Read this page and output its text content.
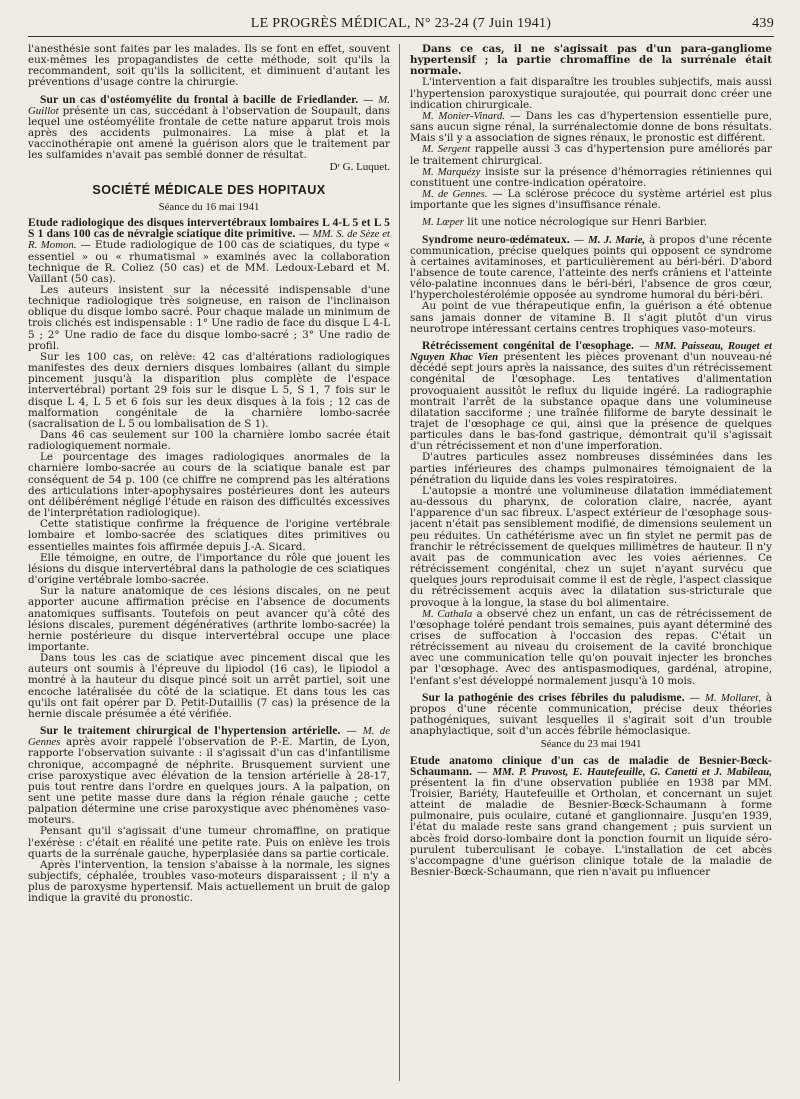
LE PROGRÈS MÉDICAL, N° 23-24 (7 Juin 1941)	439

l'anesthésie sont faites par les malades. Ils se font en effet, souvent eux-mêmes les propagandistes de cette méthode, soit qu'ils la recommandent, soit qu'ils la sollicitent, et diminuent d'autant les préventions d'usage contre la chirurgie.

Sur un cas d'ostéomyélite du frontal à bacille de Friedlander. — M. Guillot présente un cas, succédant à l'observation de Soupault, dans lequel une ostéomyélite frontale de cette nature apparut trois mois après des accidents pulmonaires. La mise à plat et la vaccinothérapie ont amené la guérison alors que le traitement par les sulfamides n'avait pas semblé donner de résultat.

Dʳ G. Luquet.

SOCIÉTÉ MÉDICALE DES HOPITAUX
Séance du 16 mai 1941

Etude radiologique des disques intervertébraux lombaires L 4-L 5 et L 5 S 1 dans 100 cas de névralgie sciatique dite primitive. — MM. S. de Sèze et R. Momon. — Etude radiologique de 100 cas de sciatiques, du type « essentiel » ou « rhumatismal » examinés avec la collaboration technique de R. Coliez (50 cas) et de MM. Ledoux-Lebard et M. Vaillant (50 cas).

Les auteurs insistent sur la nécessité indispensable d'une technique radiologique très soigneuse, en raison de l'inclinaison oblique du disque lombo sacré. Pour chaque malade un minimum de trois clichés est indispensable : 1° Une radio de face du disque L 4-L 5 ; 2° Une radio de face du disque lombo-sacré ; 3° Une radio de profil.

Sur les 100 cas, on relève: 42 cas d'altérations radiologiques manifestes des deux derniers disques lombaires (allant du simple pincement jusqu'à la disparition plus complète de l'espace intervertébral) portant 29 fois sur le disque L 5, S 1, 7 fois sur le disque L 4, L 5 et 6 fois sur les deux disques à la fois ; 12 cas de malformation congénitale de la charnière lombo-sacrée (sacralisation de L 5 ou lombalisation de S 1).

Dans 46 cas seulement sur 100 la charnière lombo sacrée était radiologiquement normale.

Le pourcentage des images radiologiques anormales de la charnière lombo-sacrée au cours de la sciatique banale est par conséquent de 54 p. 100 (ce chiffre ne comprend pas les altérations des articulations inter-apophysaires postérieures dont les auteurs ont délibérément négligé l'étude en raison des difficultés excessives de l'interprétation radiologique).

Cette statistique confirme la fréquence de l'origine vertébrale lombaire et lombo-sacrée des sciatiques dites primitives ou essentielles maintes fois affirmée depuis J.-A. Sicard.

Elle témoigne, en outre, de l'importance du rôle que jouent les lésions du disque intervertébral dans la pathologie de ces sciatiques d'origine vertébrale lombo-sacrée.

Sur la nature anatomique de ces lésions discales, on ne peut apporter aucune affirmation précise en l'absence de documents anatomiques suffisants. Toutefois on peut avancer qu'à côté des lésions discales, purement dégénératives (arthrite lombo-sacrée) la hernie postérieure du disque intervertébral occupe une place importante.

Dans tous les cas de sciatique avec pincement discal que les auteurs ont soumis à l'épreuve du lipiodol (16 cas), le lipiodol a montré à la hauteur du disque pincé soit un arrêt partiel, soit une encoche latéralisée du côté de la sciatique. Et dans tous les cas qu'ils ont fait opérer par D. Petit-Dutaillis (7 cas) la présence de la hernie discale présumée a été vérifiée.

Sur le traitement chirurgical de l'hypertension artérielle. — M. de Gennes après avoir rappelé l'observation de P.-E. Martin, de Lyon, rapporte l'observation suivante : il s'agissait d'un cas d'infantilisme chronique, accompagné de néphrite. Brusquement survient une crise paroxystique avec élévation de la tension artérielle à 28-17, puis tout rentre dans l'ordre en quelques jours. A la palpation, on sent une petite masse dure dans la région rénale gauche ; cette palpation détermine une crise paroxystique avec phénomènes vaso-moteurs.

Pensant qu'il s'agissait d'une tumeur chromaffine, on pratique l'exérèse : c'était en réalité une petite rate. Puis on enlève les trois quarts de la surrénale gauche, hyperplasiée dans sa partie corticale.

Après l'intervention, la tension s'abaisse à la normale, les signes subjectifs, céphalée, troubles vaso-moteurs disparaissent ; il n'y a plus de paroxysme hypertensif. Mais actuellement un bruit de galop indique la gravité du pronostic.

Dans ce cas, il ne s'agissait pas d'un para-gangliome hypertensif ; la partie chromaffine de la surrénale était normale.

L'intervention a fait disparaître les troubles subjectifs, mais aussi l'hypertension paroxystique surajoutée, qui pourrait donc créer une indication chirurgicale.

M. Monier-Vinard. — Dans les cas d'hypertension essentielle pure, sans aucun signe rénal, la surrénalectomie donne de bons résultats. Mais s'il y a association de signes rénaux, le pronostic est différent.

M. Sergent rappelle aussi 3 cas d'hypertension pure améliorés par le traitement chirurgical.

M. Marquézy insiste sur la présence d'hémorragies rétiniennes qui constituent une contre-indication opératoire.

M. de Gennes. — La sclérose précoce du système artériel est plus importante que les signes d'insuffisance rénale.

M. Lœper lit une notice nécrologique sur Henri Barbier.

Syndrome neuro-œdémateux. — M. J. Marie, à propos d'une récente communication, précise quelques points qui opposent ce syndrome à certaines avitaminoses, et particulièrement au béri-béri. D'abord l'absence de toute carence, l'atteinte des nerfs crâniens et l'atteinte vélo-palatine inconnues dans le béri-béri, l'absence de gros cœur, l'hypercholestérolémie opposée au syndrome humoral du béri-béri.

Au point de vue thérapeutique enfin, la guérison a été obtenue sans jamais donner de vitamine B. Il s'agit plutôt d'un virus neurotrope intéressant certains centres trophiques vaso-moteurs.

Rétrécissement congénital de l'œsophage. — MM. Paisseau, Rouget et Nguyen Khac Vien présentent les pièces provenant d'un nouveau-né décédé sept jours après la naissance, des suites d'un rétrécissement congénital de l'œsophage. Les tentatives d'alimentation provoquaient aussitôt le reflux du liquide ingéré. La radiographie montrait l'arrêt de la substance opaque dans une volumineuse dilatation sacciforme ; une traînée filiforme de baryte dessinait le trajet de l'œsophage ce qui, ainsi que la présence de quelques particules dans le bas-fond gastrique, démontrait qu'il s'agissait d'un rétrécissement et non d'une imperforation.

D'autres particules assez nombreuses disséminées dans les parties inférieures des champs pulmonaires témoignaient de la pénétration du liquide dans les voies respiratoires.

L'autopsie a montré une volumineuse dilatation immédiatement au-dessous du pharynx, de coloration claire, nacrée, ayant l'apparence d'un sac fibreux. L'aspect extérieur de l'œsophage sous-jacent n'était pas sensiblement modifié, de dimensions seulement un peu réduites. Un cathétérisme avec un fin stylet ne permit pas de franchir le rétrécissement de quelques millimètres de hauteur. Il n'y avait pas de communication avec les voies aériennes. Ce rétrécissement congénital, chez un sujet n'ayant survécu que quelques jours reproduisait comme il est de règle, l'aspect classique du rétrécissement acquis avec la dilatation sus-stricturale que provoque à la longue, la stase du bol alimentaire.

M. Cathala a observé chez un enfant, un cas de rétrécissement de l'œsophage toléré pendant trois semaines, puis ayant déterminé des crises de suffocation à l'occasion des repas. C'était un rétrécissement au niveau du croisement de la cavité bronchique avec une communication telle qu'on pouvait injecter les bronches par l'œsophage. Avec des antispasmodiques, gardénal, atropine, l'enfant s'est développé normalement jusqu'à 10 mois.

Sur la pathogénie des crises fébriles du paludisme. — M. Mollaret, à propos d'une récente communication, précise deux théories pathogéniques, suivant lesquelles il s'agirait soit d'un trouble anaphylactique, soit d'un accès fébrile hémoclasique.

Séance du 23 mai 1941

Etude anatomo clinique d'un cas de maladie de Besnier-Bœck-Schaumann. — MM. P. Pruvost, E. Hautefeuille, G. Canetti et J. Mabileau, présentent la fin d'une observation publiée en 1938 par MM. Troisier, Bariéty, Hautefeuille et Ortholan, et concernant un sujet atteint de maladie de Besnier-Bœck-Schaumann à forme pulmonaire, puis oculaire, cutané et ganglionnaire. Jusqu'en 1939, l'état du malade reste sans grand changement ; puis survient un abcès froid dorso-lombaire dont la ponction fournit un liquide séro-purulent tuberculisant le cobaye. L'installation de cet abcès s'accompagne d'une guérison clinique totale de la maladie de Besnier-Bœck-Schaumann, que rien n'avait pu influencer
